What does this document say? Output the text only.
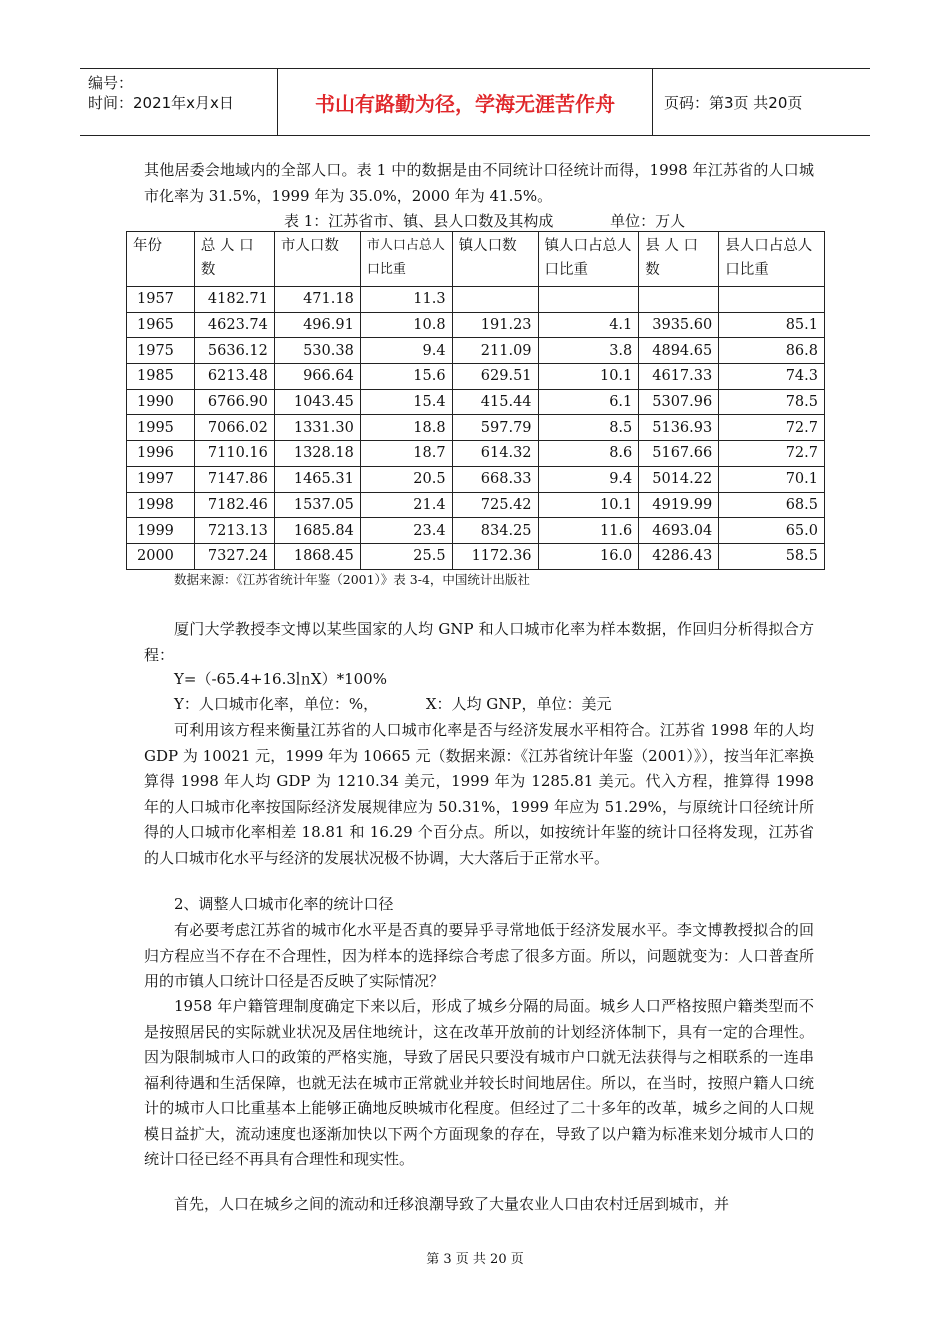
编号：
时间：2021年x月x日	书山有路勤为径，学海无涯苦作舟	页码：第3页 共20页
其他居委会地域内的全部人口。表 1 中的数据是由不同统计口径统计而得，1998 年江苏省的人口城市化率为 31.5%，1999 年为 35.0%，2000 年为 41.5%。
表 1：江苏省市、镇、县人口数及其构成	单位：万人
年份	总 人 口 数	市人口数	市人口占总人口比重	镇人口数	镇人口占总人口比重	县 人 口 数	县人口占总人口比重
1957	4182.71	471.18	11.3				
1965	4623.74	496.91	10.8	191.23	4.1	3935.60	85.1
1975	5636.12	530.38	9.4	211.09	3.8	4894.65	86.8
1985	6213.48	966.64	15.6	629.51	10.1	4617.33	74.3
1990	6766.90	1043.45	15.4	415.44	6.1	5307.96	78.5
1995	7066.02	1331.30	18.8	597.79	8.5	5136.93	72.7
1996	7110.16	1328.18	18.7	614.32	8.6	5167.66	72.7
1997	7147.86	1465.31	20.5	668.33	9.4	5014.22	70.1
1998	7182.46	1537.05	21.4	725.42	10.1	4919.99	68.5
1999	7213.13	1685.84	23.4	834.25	11.6	4693.04	65.0
2000	7327.24	1868.45	25.5	1172.36	16.0	4286.43	58.5
数据来源：《江苏省统计年鉴（2001）》表 3-4，中国统计出版社
厦门大学教授李文博以某些国家的人均 GNP 和人口城市化率为样本数据，作回归分析得拟合方程：
Y=（-65.4+16.3㏑X）*100%
Y：人口城市化率，单位：%，          X：人均 GNP，单位：美元
可利用该方程来衡量江苏省的人口城市化率是否与经济发展水平相符合。江苏省 1998 年的人均 GDP 为 10021 元，1999 年为 10665 元（数据来源：《江苏省统计年鉴（2001）》），按当年汇率换算得 1998 年人均 GDP 为 1210.34 美元，1999 年为 1285.81 美元。代入方程，推算得 1998 年的人口城市化率按国际经济发展规律应为 50.31%，1999 年应为 51.29%，与原统计口径统计所得的人口城市化率相差 18.81 和 16.29 个百分点。所以，如按统计年鉴的统计口径将发现，江苏省的人口城市化水平与经济的发展状况极不协调，大大落后于正常水平。
2、调整人口城市化率的统计口径
有必要考虑江苏省的城市化水平是否真的要异乎寻常地低于经济发展水平。李文博教授拟合的回归方程应当不存在不合理性，因为样本的选择综合考虑了很多方面。所以，问题就变为：人口普查所用的市镇人口统计口径是否反映了实际情况？
1958 年户籍管理制度确定下来以后，形成了城乡分隔的局面。城乡人口严格按照户籍类型而不是按照居民的实际就业状况及居住地统计，这在改革开放前的计划经济体制下，具有一定的合理性。因为限制城市人口的政策的严格实施，导致了居民只要没有城市户口就无法获得与之相联系的一连串福利待遇和生活保障，也就无法在城市正常就业并较长时间地居住。所以，在当时，按照户籍人口统计的城市人口比重基本上能够正确地反映城市化程度。但经过了二十多年的改革，城乡之间的人口规模日益扩大，流动速度也逐渐加快以下两个方面现象的存在，导致了以户籍为标准来划分城市人口的统计口径已经不再具有合理性和现实性。
首先，人口在城乡之间的流动和迁移浪潮导致了大量农业人口由农村迁居到城市，并
第 3 页 共 20 页
